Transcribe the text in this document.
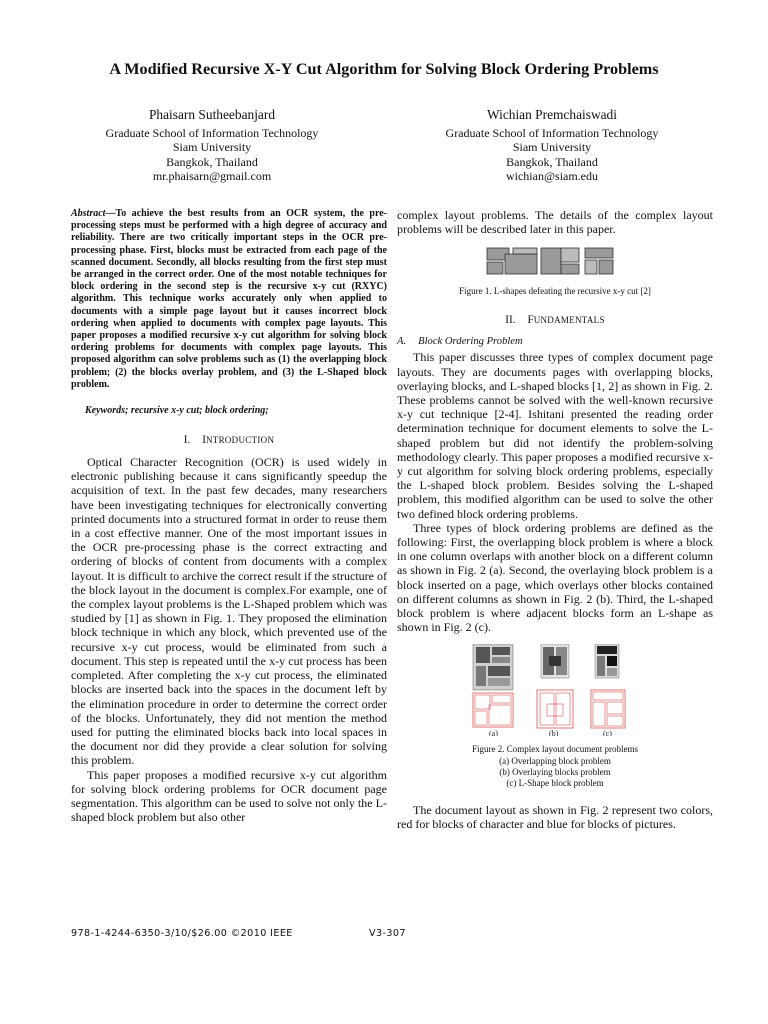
A Modified Recursive X-Y Cut Algorithm for Solving Block Ordering Problems
Phaisarn Sutheebanjard
Graduate School of Information Technology
Siam University
Bangkok, Thailand
mr.phaisarn@gmail.com
Wichian Premchaiswadi
Graduate School of Information Technology
Siam University
Bangkok, Thailand
wichian@siam.edu

Abstract—To achieve the best results from an OCR system, the pre-processing steps must be performed with a high degree of accuracy and reliability. There are two critically important steps in the OCR pre-processing phase. First, blocks must be extracted from each page of the scanned document. Secondly, all blocks resulting from the first step must be arranged in the correct order. One of the most notable techniques for block ordering in the second step is the recursive x-y cut (RXYC) algorithm. This technique works accurately only when applied to documents with a simple page layout but it causes incorrect block ordering when applied to documents with complex page layouts. This paper proposes a modified recursive x-y cut algorithm for solving block ordering problems for documents with complex page layouts. This proposed algorithm can solve problems such as (1) the overlapping block problem; (2) the blocks overlay problem, and (3) the L-Shaped block problem.

Keywords; recursive x-y cut; block ordering;

I. INTRODUCTION

Optical Character Recognition (OCR) is used widely in electronic publishing because it cans significantly speedup the acquisition of text. In the past few decades, many researchers have been investigating techniques for electronically converting printed documents into a structured format in order to reuse them in a cost effective manner. One of the most important issues in the OCR pre-processing phase is the correct extracting and ordering of blocks of content from documents with a complex layout. It is difficult to archive the correct result if the structure of the block layout in the document is complex.For example, one of the complex layout problems is the L-Shaped problem which was studied by [1] as shown in Fig. 1. They proposed the elimination block technique in which any block, which prevented use of the recursive x-y cut process, would be eliminated from such a document. This step is repeated until the x-y cut process has been completed. After completing the x-y cut process, the eliminated blocks are inserted back into the spaces in the document left by the elimination procedure in order to determine the correct order of the blocks. Unfortunately, they did not mention the method used for putting the eliminated blocks back into local spaces in the document nor did they provide a clear solution for solving this problem.

This paper proposes a modified recursive x-y cut algorithm for solving block ordering problems for OCR document page segmentation. This algorithm can be used to solve not only the L-shaped block problem but also other

complex layout problems. The details of the complex layout problems will be described later in this paper.

Figure 1. L-shapes defeating the recursive x-y cut [2]
II. FUNDAMENTALS
A. Block Ordering Problem

This paper discusses three types of complex document page layouts. They are documents pages with overlapping blocks, overlaying blocks, and L-shaped blocks [1, 2] as shown in Fig. 2. These problems cannot be solved with the well-known recursive x-y cut technique [2-4]. Ishitani presented the reading order determination technique for document elements to solve the L-shaped problem but did not identify the problem-solving methodology clearly. This paper proposes a modified recursive x-y cut algorithm for solving block ordering problems, especially the L-shaped block problem. Besides solving the L-shaped problem, this modified algorithm can be used to solve the other two defined block ordering problems.

Three types of block ordering problems are defined as the following: First, the overlapping block problem is where a block in one column overlaps with another block on a different column as shown in Fig. 2 (a). Second, the overlaying block problem is a block inserted on a page, which overlays other blocks contained on different columns as shown in Fig. 2 (b). Third, the L-shaped block problem is where adjacent blocks form an L-shape as shown in Fig. 2 (c).

(a)	(b)	(c)
Figure 2. Complex layout document problems
(a) Overlapping block problem
(b) Overlaying blocks problem
(c) L-Shape block problem

The document layout as shown in Fig. 2 represent two colors, red for blocks of character and blue for blocks of pictures.

978-1-4244-6350-3/10/$26.00 ©2010 IEEE	V3-307
